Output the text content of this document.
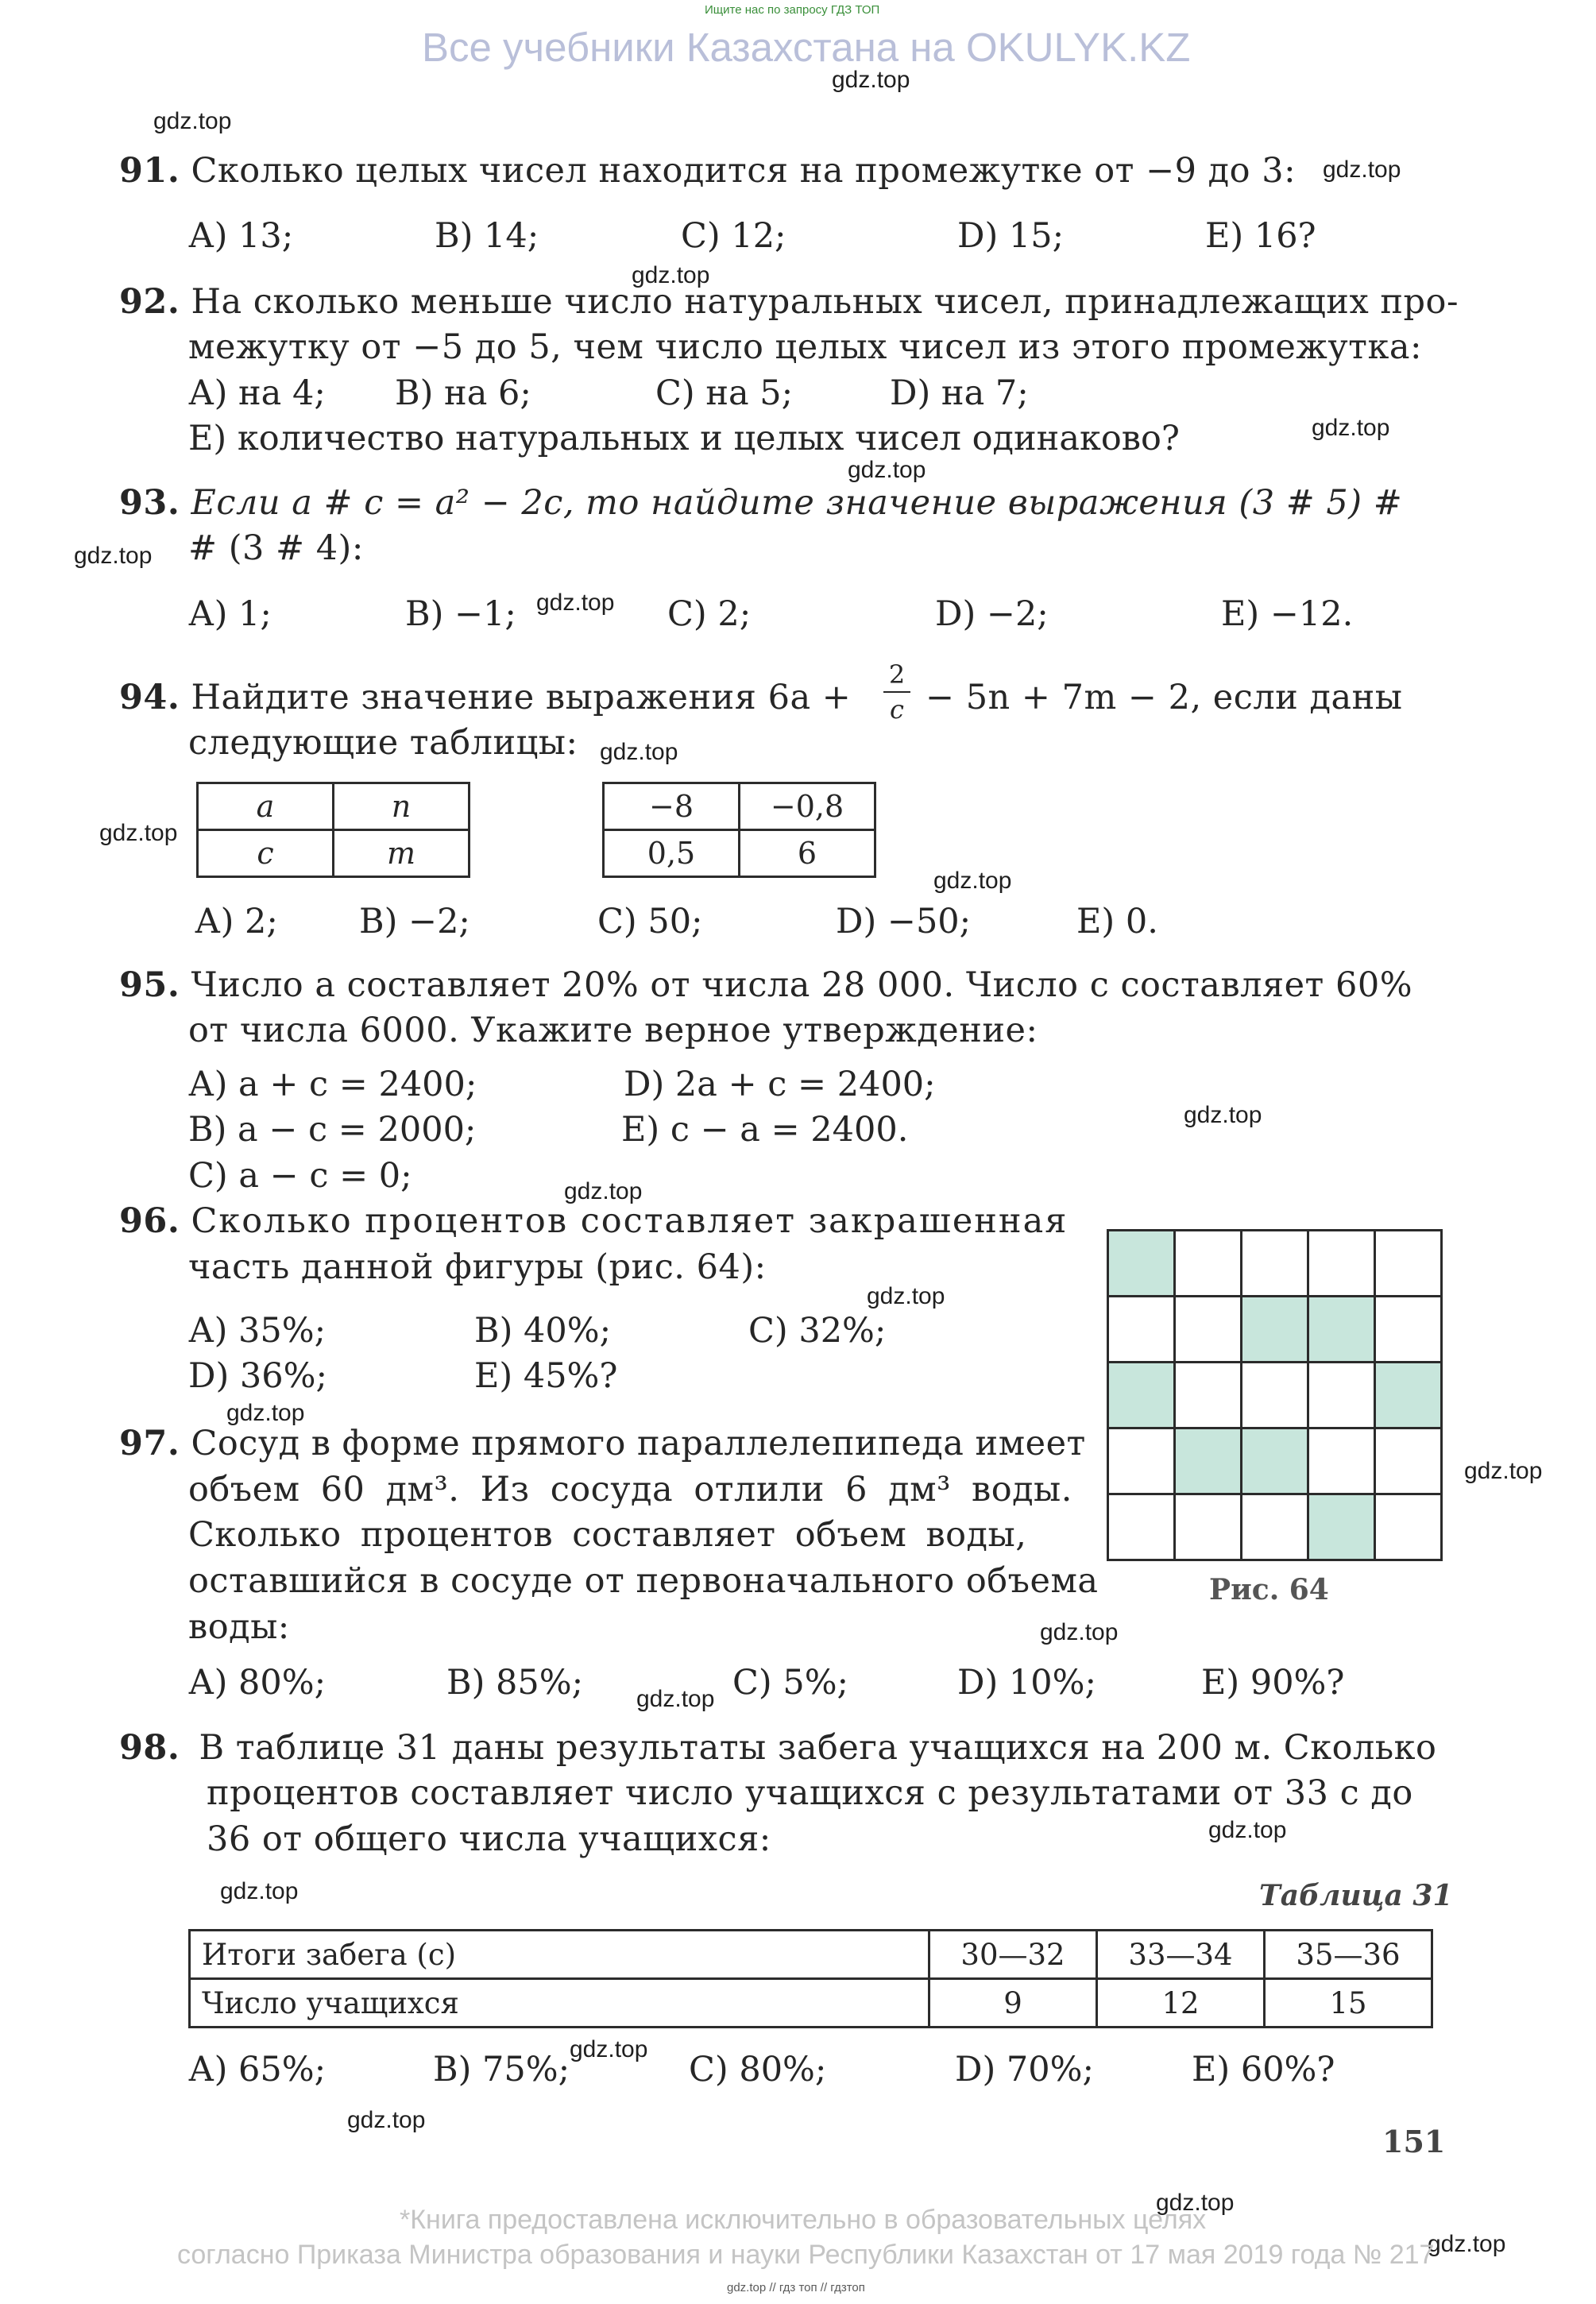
Ищите нас по запросу ГДЗ ТОП
Все учебники Казахстана на OKULYK.KZ
gdz.top
gdz.top
gdz.top
gdz.top
gdz.top
gdz.top
gdz.top
gdz.top
gdz.top
gdz.top
gdz.top
gdz.top
gdz.top
gdz.top
gdz.top
gdz.top
gdz.top
gdz.top
gdz.top
gdz.top
gdz.top
gdz.top
gdz.top
gdz.top
91. Сколько целых чисел находится на промежутке от −9 до 3:
А) 13;	B) 14;	C) 12;	D) 15;	E) 16?
92. На сколько меньше число натуральных чисел, принадлежащих про-
межутку от −5 до 5, чем число целых чисел из этого промежутка:
А) на 4; B) на 6;	C) на 5;	D) на 7;
E) количество натуральных и целых чисел одинаково?
93. Если a # c = a² − 2c, то найдите значение выражения (3 # 5) #
# (3 # 4):
А) 1;	B) −1;	C) 2;	D) −2;	E) −12.
94. Найдите значение выражения 6a +
2
c − 5n + 7m − 2, если даны
следующие таблицы:
a	n
c	m
−8	−0,8
0,5	6
А) 2; B) −2;	C) 50;	D) −50;	E) 0.
95. Число a составляет 20% от числа 28 000. Число c составляет 60%
от числа 6000. Укажите верное утверждение:
А) a + c = 2400;	D) 2a + c = 2400;
B) a − c = 2000;	E) c − a = 2400.
C) a − c = 0;
96. Сколько процентов составляет закрашенная
часть данной фигуры (рис. 64):
А) 35%;	B) 40%;	C) 32%;
D) 36%;	E) 45%?

Рис. 64
97. Сосуд в форме прямого параллелепипеда имеет
объем 60 дм³. Из сосуда отлили 6 дм³ воды.
Сколько процентов составляет объем воды,
оставшийся в сосуде от первоначального объема
воды:
А) 80%;	B) 85%;	C) 5%;	D) 10%;	E) 90%?
98. В таблице 31 даны результаты забега учащихся на 200 м. Сколько
процентов составляет число учащихся с результатами от 33 с до
36 от общего числа учащихся:
Таблица 31
Итоги забега (с)	30—32	33—34	35—36
Число учащихся	9	12	15
А) 65%;	B) 75%;	C) 80%;	D) 70%;	E) 60%?
151
*Книга предоставлена исключительно в образовательных целях
согласно Приказа Министра образования и науки Республики Казахстан от 17 мая 2019 года № 217
gdz.top // гдз топ // гдзтоп
